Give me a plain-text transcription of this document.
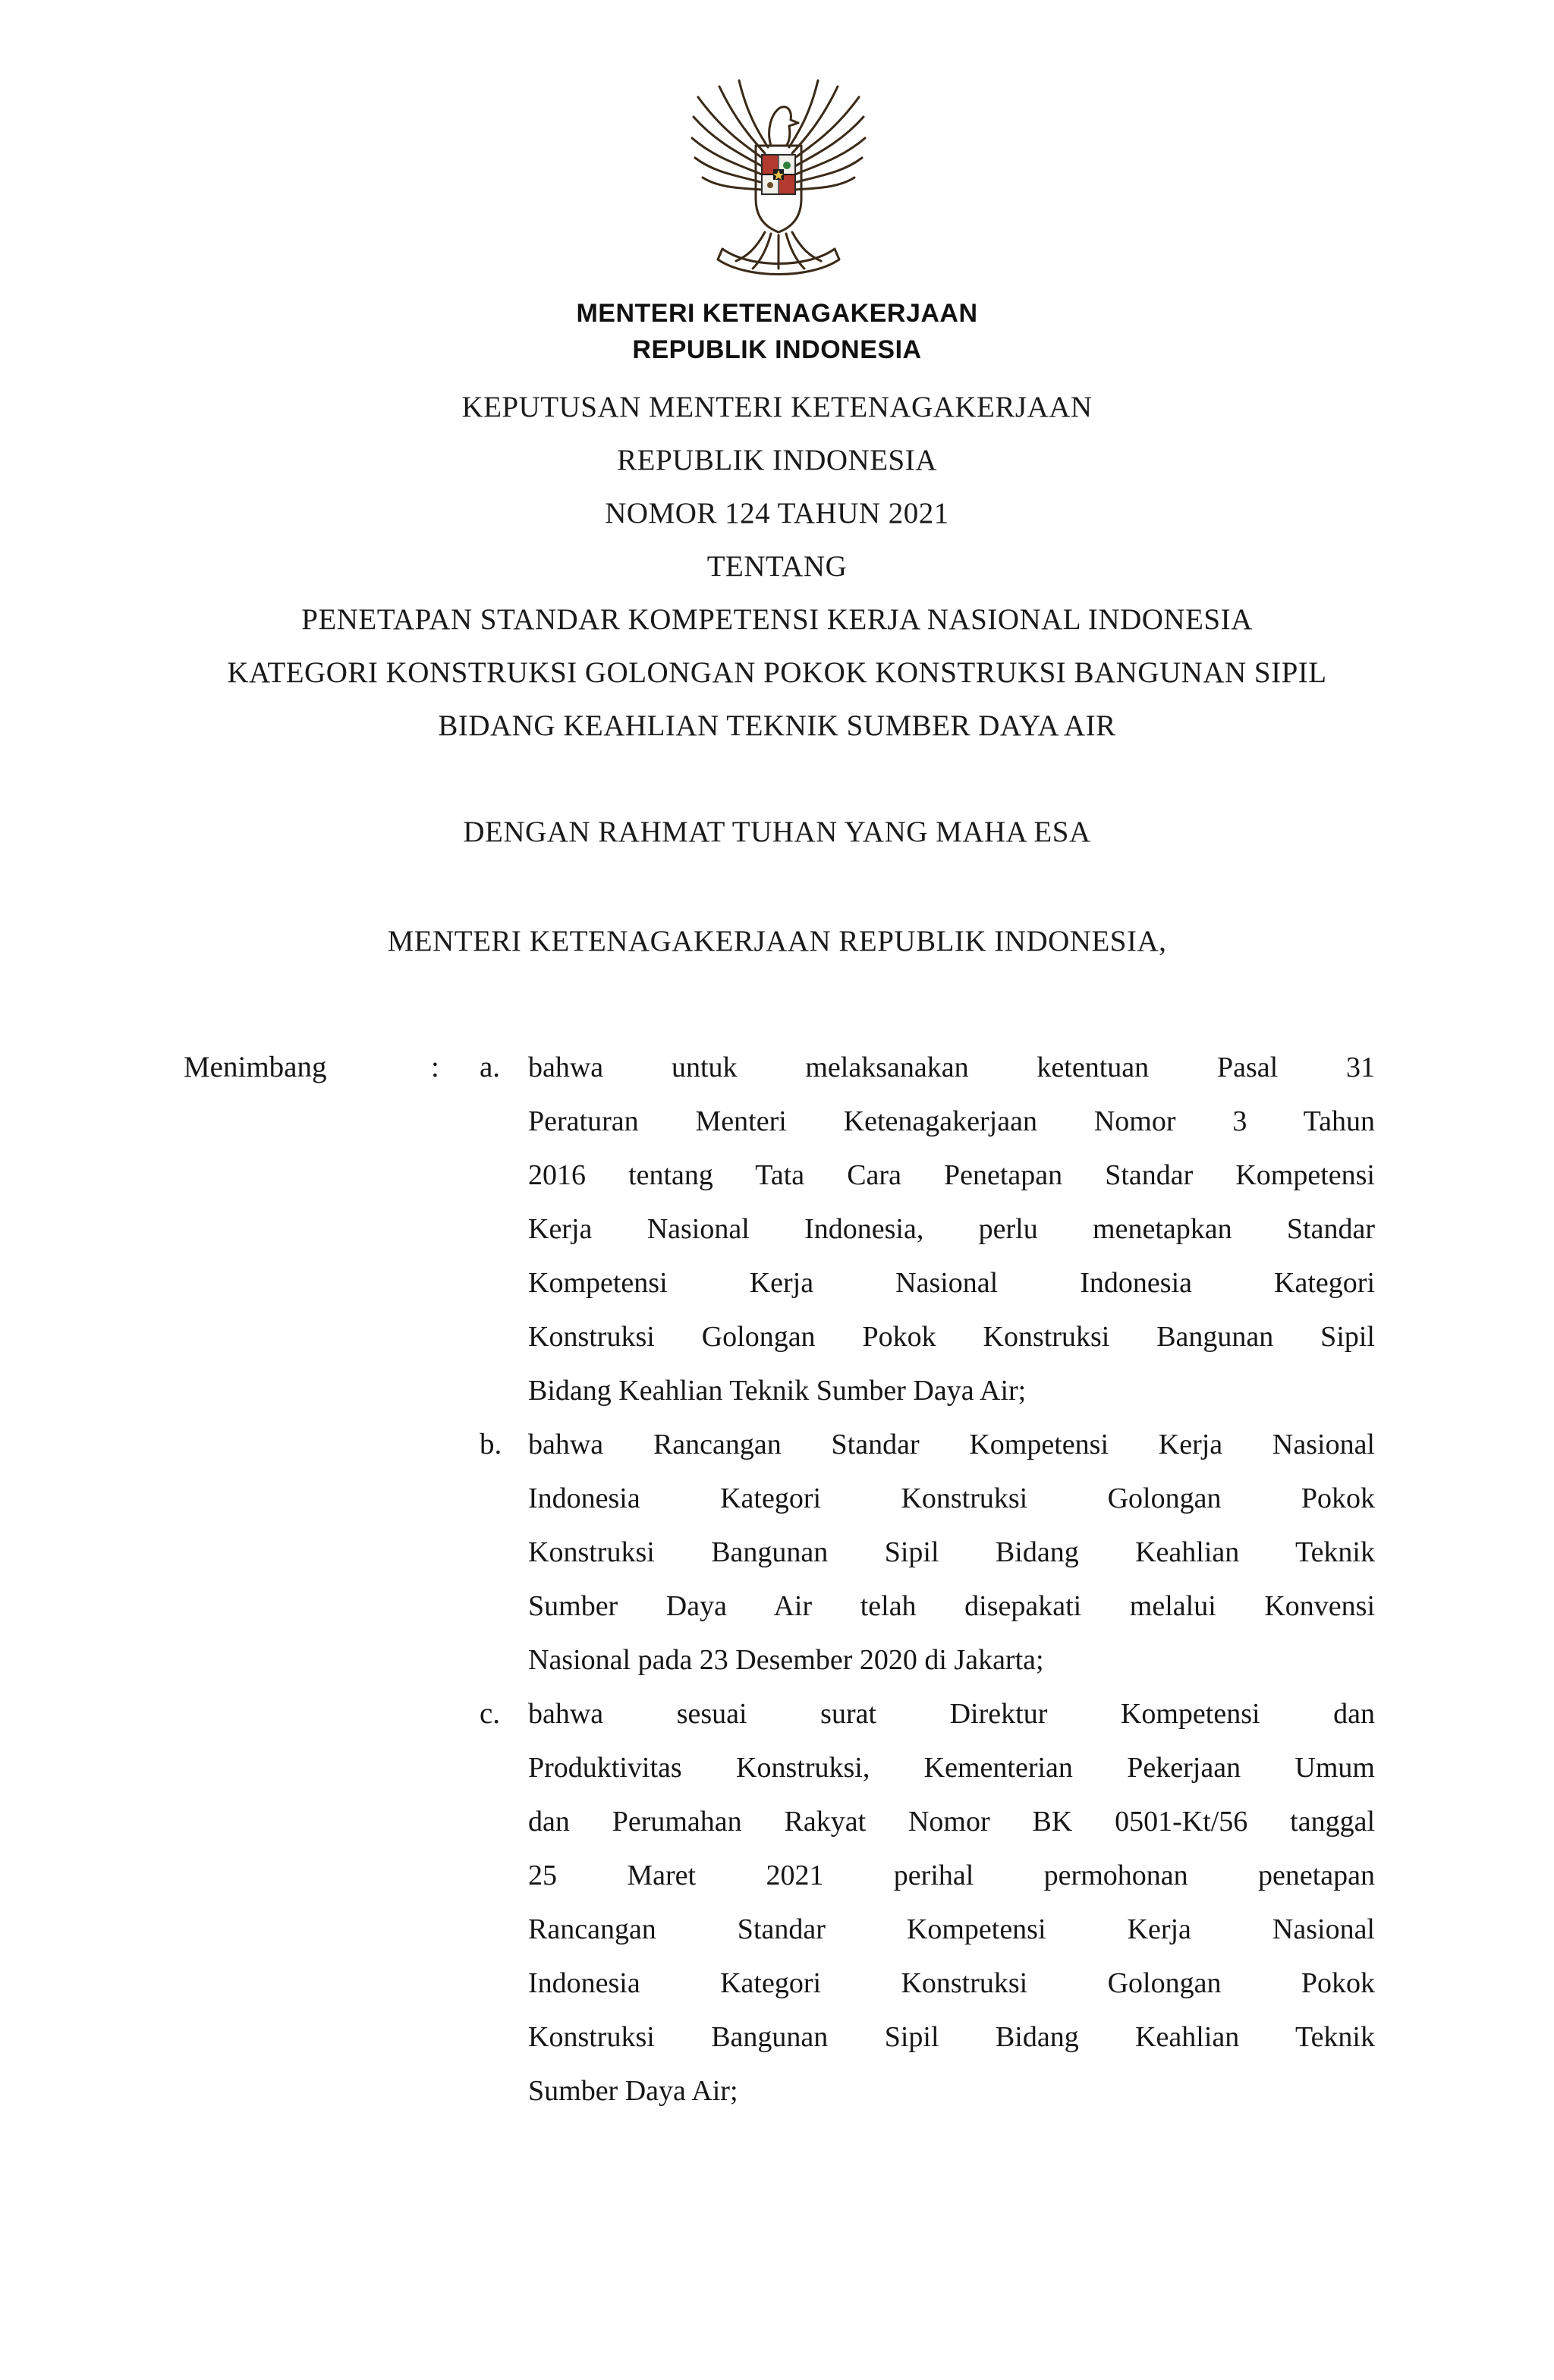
MENTERI KETENAGAKERJAAN
REPUBLIK INDONESIA
KEPUTUSAN MENTERI KETENAGAKERJAAN
REPUBLIK INDONESIA
NOMOR 124 TAHUN 2021
TENTANG
PENETAPAN STANDAR KOMPETENSI KERJA NASIONAL INDONESIA
KATEGORI KONSTRUKSI GOLONGAN POKOK KONSTRUKSI BANGUNAN SIPIL
BIDANG KEAHLIAN TEKNIK SUMBER DAYA AIR
DENGAN RAHMAT TUHAN YANG MAHA ESA
MENTERI KETENAGAKERJAAN REPUBLIK INDONESIA,
Menimbang	: a. bahwa untuk melaksanakan ketentuan Pasal 31
Peraturan Menteri Ketenagakerjaan Nomor 3 Tahun
2016 tentang Tata Cara Penetapan Standar Kompetensi
Kerja Nasional Indonesia, perlu menetapkan Standar
Kompetensi Kerja Nasional Indonesia Kategori
Konstruksi Golongan Pokok Konstruksi Bangunan Sipil
Bidang Keahlian Teknik Sumber Daya Air;
b. bahwa Rancangan Standar Kompetensi Kerja Nasional
Indonesia Kategori Konstruksi Golongan Pokok
Konstruksi Bangunan Sipil Bidang Keahlian Teknik
Sumber Daya Air telah disepakati melalui Konvensi
Nasional pada 23 Desember 2020 di Jakarta;
c. bahwa sesuai surat Direktur Kompetensi dan
Produktivitas Konstruksi, Kementerian Pekerjaan Umum
dan Perumahan Rakyat Nomor BK 0501-Kt/56 tanggal
25 Maret 2021 perihal permohonan penetapan
Rancangan Standar Kompetensi Kerja Nasional
Indonesia Kategori Konstruksi Golongan Pokok
Konstruksi Bangunan Sipil Bidang Keahlian Teknik
Sumber Daya Air;
